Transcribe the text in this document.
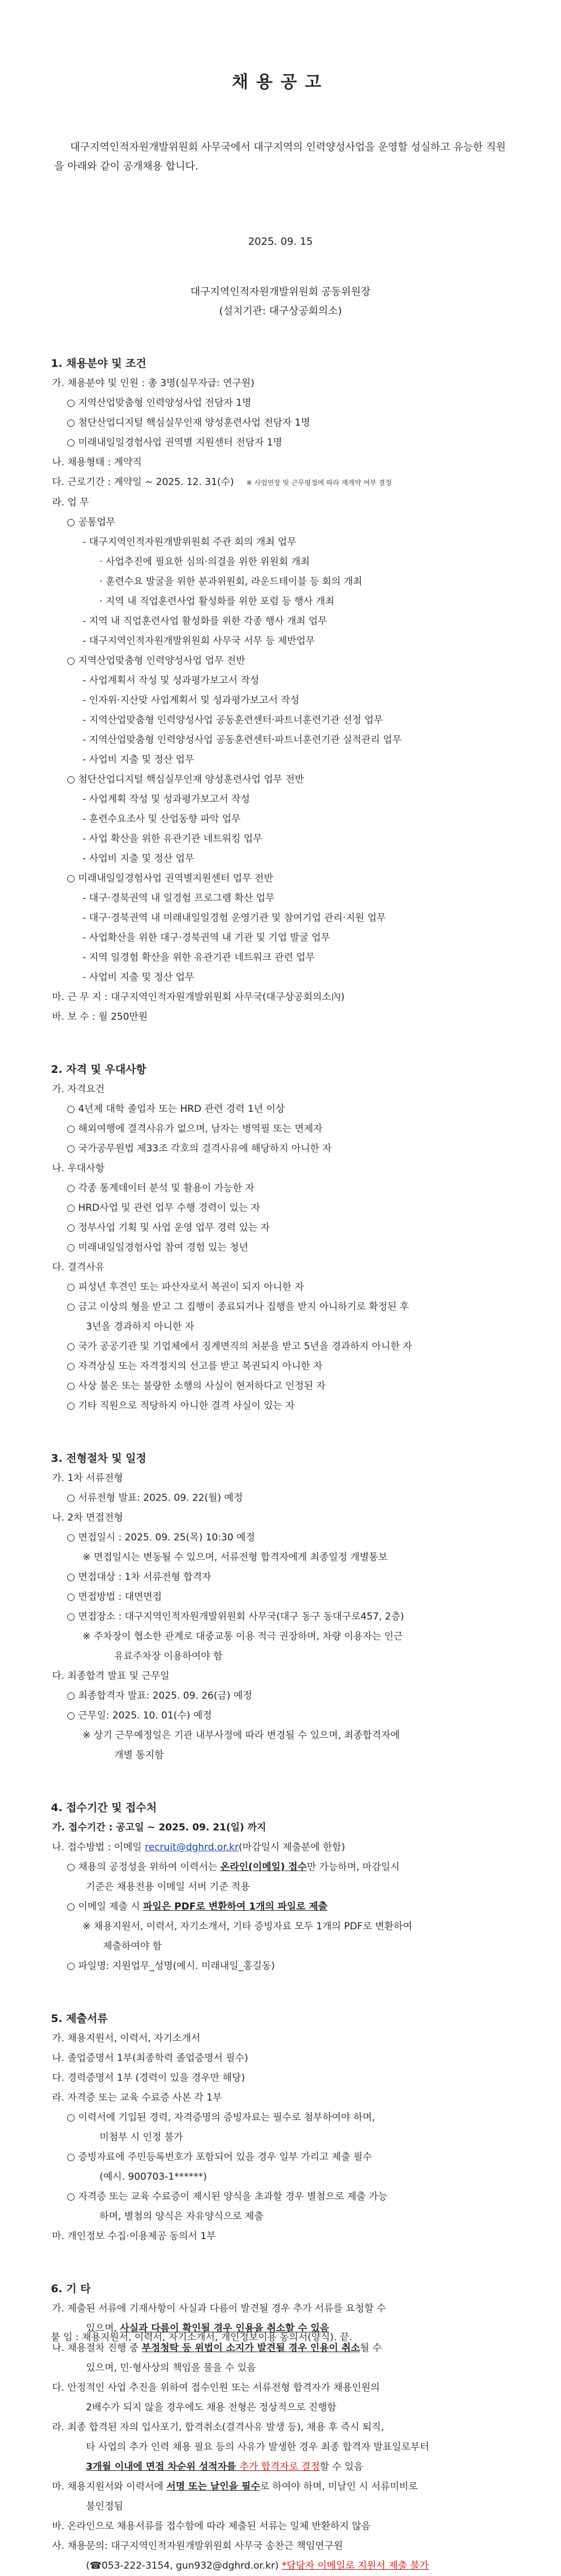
채용공고
대구지역인적자원개발위원회 사무국에서 대구지역의 인력양성사업을 운영할 성실하고 유능한 직원을 아래와 같이 공개채용 합니다.
2025. 09. 15
대구지역인적자원개발위원회 공동위원장
(설치기관: 대구상공회의소)
1. 채용분야 및 조건
가. 채용분야 및 인원 : 총 3명(실무자급: 연구원)
○ 지역산업맞춤형 인력양성사업 전담자 1명
○ 첨단산업디지털 핵심실무인재 양성훈련사업 전담자 1명
○ 미래내일일경험사업 권역별 지원센터 전담자 1명
나. 채용형태 : 계약직
다. 근로기간 : 계약일 ~ 2025. 12. 31(수) ※ 사업연장 및 근무평정에 따라 재계약 여부 결정
라. 업 무
○ 공통업무
- 대구지역인적자원개발위원회 주관 회의 개최 업무
· 사업추진에 필요한 심의·의결을 위한 위원회 개최
· 훈련수요 발굴을 위한 분과위원회, 라운드테이블 등 회의 개최
· 지역 내 직업훈련사업 활성화를 위한 포럼 등 행사 개최
- 지역 내 직업훈련사업 활성화를 위한 각종 행사 개최 업무
- 대구지역인적자원개발위원회 사무국 서무 등 제반업무
○ 지역산업맞춤형 인력양성사업 업무 전반
- 사업계획서 작성 및 성과평가보고서 작성
- 인자위·지산맞 사업계획서 및 성과평가보고서 작성
- 지역산업맞춤형 인력양성사업 공동훈련센터·파트너훈련기관 선정 업무
- 지역산업맞춤형 인력양성사업 공동훈련센터·파트너훈련기관 실적관리 업무
- 사업비 지출 및 정산 업무
○ 첨단산업디지털 핵심실무인재 양성훈련사업 업무 전반
- 사업계획 작성 및 성과평가보고서 작성
- 훈련수요조사 및 산업동향 파악 업무
- 사업 확산을 위한 유관기관 네트워킹 업무
- 사업비 지출 및 정산 업무
○ 미래내일일경험사업 권역별지원센터 업무 전반
- 대구·경북권역 내 일경험 프로그램 확산 업무
- 대구·경북권역 내 미래내일일경험 운영기관 및 참여기업 관리·지원 업무
- 사업확산을 위한 대구·경북권역 내 기관 및 기업 발굴 업무
- 지역 일경험 확산을 위한 유관기관 네트워크 관련 업무
- 사업비 지출 및 정산 업무
마. 근 무 지 : 대구지역인적자원개발위원회 사무국(대구상공회의소內)
바. 보 수 : 월 250만원
2. 자격 및 우대사항
가. 자격요건
○ 4년제 대학 졸업자 또는 HRD 관련 경력 1년 이상
○ 해외여행에 결격사유가 없으며, 남자는 병역필 또는 면제자
○ 국가공무원법 제33조 각호의 결격사유에 해당하지 아니한 자
나. 우대사항
○ 각종 통계데이터 분석 및 활용이 가능한 자
○ HRD사업 및 관련 업무 수행 경력이 있는 자
○ 정부사업 기획 및 사업 운영 업무 경력 있는 자
○ 미래내일일경험사업 참여 경험 있는 청년
다. 결격사유
○ 피성년 후견인 또는 파산자로서 복권이 되지 아니한 자
○ 금고 이상의 형을 받고 그 집행이 종료되거나 집행을 받지 아니하기로 확정된 후
3년을 경과하지 아니한 자
○ 국가 공공기관 및 기업체에서 징계면직의 처분을 받고 5년을 경과하지 아니한 자
○ 자격상실 또는 자격정지의 선고를 받고 복권되지 아니한 자
○ 사상 불온 또는 불량한 소행의 사실이 현저하다고 인정된 자
○ 기타 직원으로 적당하지 아니한 결격 사실이 있는 자
3. 전형절차 및 일정
가. 1차 서류전형
○ 서류전형 발표: 2025. 09. 22(월) 예정
나. 2차 면접전형
○ 면접일시 : 2025. 09. 25(목) 10:30 예정
※ 면접일시는 변동될 수 있으며, 서류전형 합격자에게 최종일정 개별통보
○ 면접대상 : 1차 서류전형 합격자
○ 면접방법 : 대면면접
○ 면접장소 : 대구지역인적자원개발위원회 사무국(대구 동구 동대구로457, 2층)
※ 주차장이 협소한 관계로 대중교통 이용 적극 권장하며, 차량 이용자는 인근
유료주차장 이용하여야 함
다. 최종합격 발표 및 근무일
○ 최종합격자 발표: 2025. 09. 26(금) 예정
○ 근무일: 2025. 10. 01(수) 예정
※ 상기 근무예정일은 기관 내부사정에 따라 변경될 수 있으며, 최종합격자에
개별 통지함
4. 접수기간 및 접수처
가. 접수기간 : 공고일 ~ 2025. 09. 21(일) 까지
나. 접수방법 : 이메일 recruit@dghrd.or.kr(마감일시 제출분에 한함)
○ 채용의 공정성을 위하여 이력서는 온라인(이메일) 접수만 가능하며, 마감일시
기준은 채용전용 이메일 서버 기준 적용
○ 이메일 제출 시 파일은 PDF로 변환하여 1개의 파일로 제출
※ 채용지원서, 이력서, 자기소개서, 기타 증빙자료 모두 1개의 PDF로 변환하여
제출하여야 함
○ 파일명: 지원업무_성명(예시. 미래내일_홍길동)
5. 제출서류
가. 채용지원서, 이력서, 자기소개서
나. 졸업증명서 1부(최종학력 졸업증명서 필수)
다. 경력증명서 1부 (경력이 있을 경우만 해당)
라. 자격증 또는 교육 수료증 사본 각 1부
○ 이력서에 기입된 경력, 자격증명의 증빙자료는 필수로 첨부하여야 하며,
미첨부 시 인정 불가
○ 증빙자료에 주민등록번호가 포함되어 있을 경우 일부 가리고 제출 필수
(예시. 900703-1******)
○ 자격증 또는 교육 수료증이 제시된 양식을 초과할 경우 별첨으로 제출 가능
하며, 별첨의 양식은 자유양식으로 제출
마. 개인정보 수집·이용제공 동의서 1부
6. 기 타
가. 제출된 서류에 기재사항이 사실과 다름이 발견될 경우 추가 서류를 요청할 수
있으며, 사실과 다름이 확인될 경우 인용을 취소할 수 있음
나. 채용절차 진행 중 부정청탁 등 위법이 소지가 발견될 경우 인용이 취소될 수
있으며, 민·형사상의 책임을 물을 수 있음
다. 안정적인 사업 추진을 위하여 접수인원 또는 서류전형 합격자가 채용인원의
2배수가 되지 않을 경우에도 채용 전형은 정상적으로 진행함
라. 최종 합격된 자의 입사포기, 합격취소(결격사유 발생 등), 채용 후 즉시 퇴직,
타 사업의 추가 인력 채용 필요 등의 사유가 발생한 경우 최종 합격자 발표일로부터
3개월 이내에 면접 차순위 성적자를 추가 합격자로 결정할 수 있음
마. 채용지원서와 이력서에 서명 또는 날인을 필수로 하여야 하며, 미날인 시 서류미비로
불인정됨
바. 온라인으로 채용서류를 접수함에 따라 제출된 서류는 일체 반환하지 않음
사. 채용문의: 대구지역인적자원개발위원회 사무국 송찬근 책임연구원
(☎053-222-3154, gun932@dghrd.or.kr) *담당자 이메일로 지원서 제출 불가
붙 임 : 채용지원서, 이력서, 자기소개서, 개인정보이용 동의서(양식). 끝.
